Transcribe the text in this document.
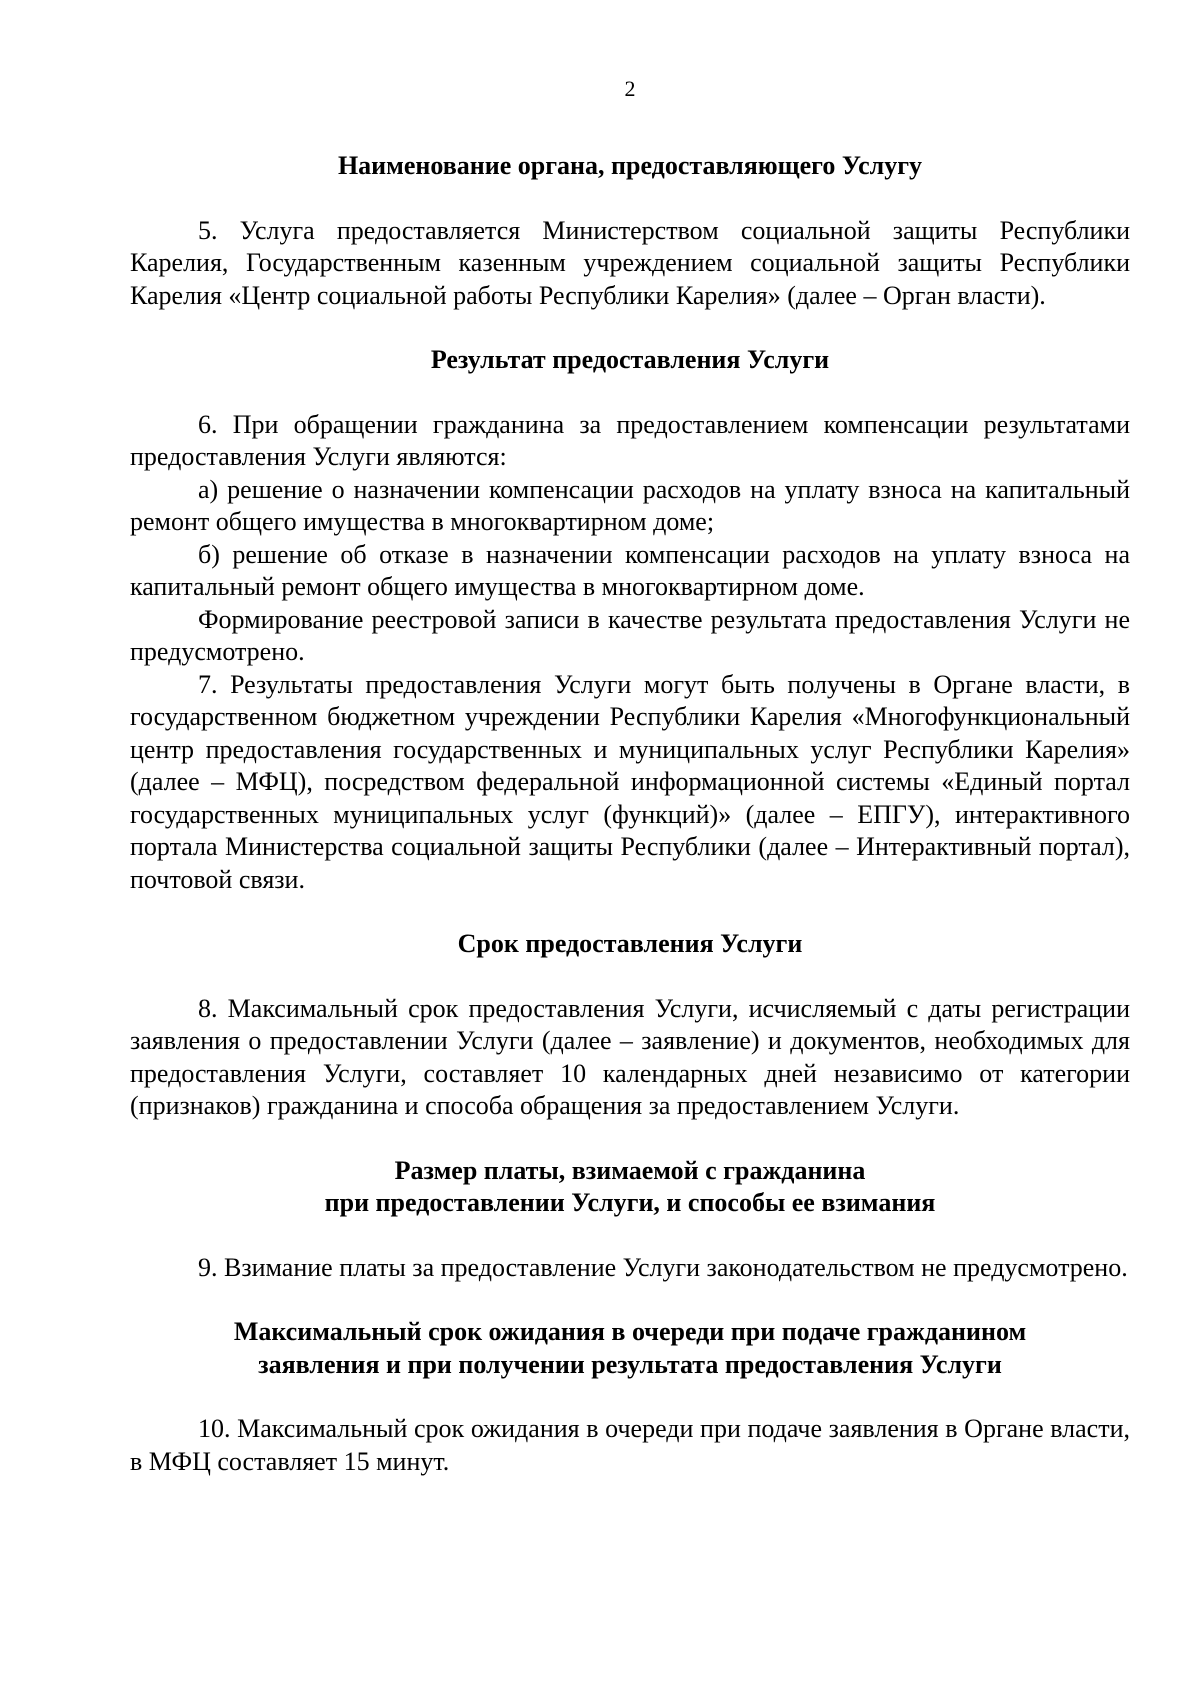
2

Наименование органа, предоставляющего Услугу

5. Услуга предоставляется Министерством социальной защиты Республики Карелия, Государственным казенным учреждением социальной защиты Республики Карелия «Центр социальной работы Республики Карелия» (далее – Орган власти).

Результат предоставления Услуги

6. При обращении гражданина за предоставлением компенсации результатами предоставления Услуги являются:

а) решение о назначении компенсации расходов на уплату взноса на капитальный ремонт общего имущества в многоквартирном доме;

б) решение об отказе в назначении компенсации расходов на уплату взноса на капитальный ремонт общего имущества в многоквартирном доме.

Формирование реестровой записи в качестве результата предоставления Услуги не предусмотрено.

7. Результаты предоставления Услуги могут быть получены в Органе власти, в государственном бюджетном учреждении Республики Карелия «Многофункциональный центр предоставления государственных и муниципальных услуг Республики Карелия» (далее – МФЦ), посредством федеральной информационной системы «Единый портал государственных муниципальных услуг (функций)» (далее – ЕПГУ), интерактивного портала Министерства социальной защиты Республики (далее – Интерактивный портал), почтовой связи.

Срок предоставления Услуги

8. Максимальный срок предоставления Услуги, исчисляемый с даты регистрации заявления о предоставлении Услуги (далее – заявление) и документов, необходимых для предоставления Услуги, составляет 10 календарных дней независимо от категории (признаков) гражданина и способа обращения за предоставлением Услуги.

Размер платы, взимаемой с гражданина
при предоставлении Услуги, и способы ее взимания

9. Взимание платы за предоставление Услуги законодательством не предусмотрено.

Максимальный срок ожидания в очереди при подаче гражданином
заявления и при получении результата предоставления Услуги

10. Максимальный срок ожидания в очереди при подаче заявления в Органе власти, в МФЦ составляет 15 минут.
